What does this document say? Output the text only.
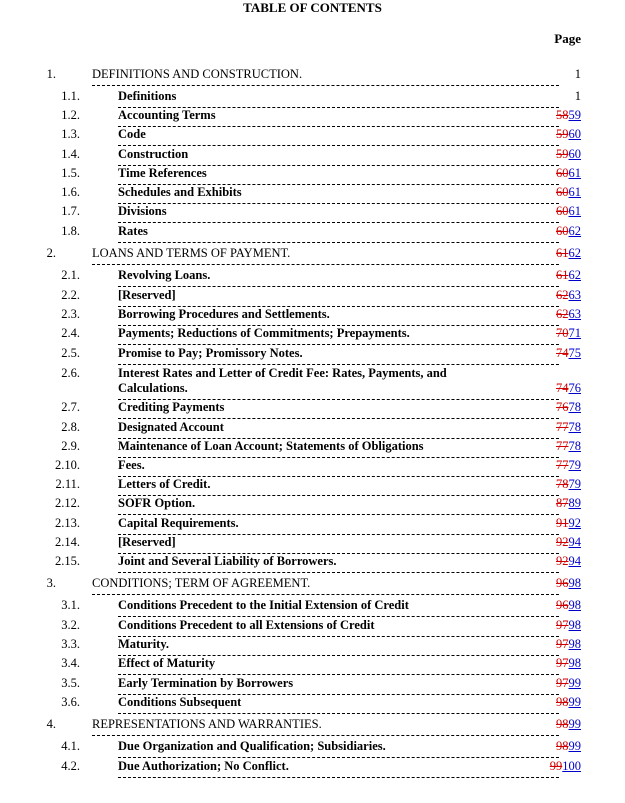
TABLE OF CONTENTS
Page
1.	DEFINITIONS AND CONSTRUCTION.	1
1.1.	Definitions	1
1.2.	Accounting Terms	5859
1.3.	Code	5960
1.4.	Construction	5960
1.5.	Time References	6061
1.6.	Schedules and Exhibits	6061
1.7.	Divisions	6061
1.8.	Rates	6062
2.	LOANS AND TERMS OF PAYMENT.	6162
2.1.	Revolving Loans.	6162
2.2.	[Reserved]	6263
2.3.	Borrowing Procedures and Settlements.	6263
2.4.	Payments; Reductions of Commitments; Prepayments.	7071
2.5.	Promise to Pay; Promissory Notes.	7475
2.6.	Interest Rates and Letter of Credit Fee: Rates, Payments, and Calculations.	7476
2.7.	Crediting Payments	7678
2.8.	Designated Account	7778
2.9.	Maintenance of Loan Account; Statements of Obligations	7778
2.10.	Fees.	7779
2.11.	Letters of Credit.	7879
2.12.	SOFR Option.	8789
2.13.	Capital Requirements.	9192
2.14.	[Reserved]	9294
2.15.	Joint and Several Liability of Borrowers.	9294
3.	CONDITIONS; TERM OF AGREEMENT.	9698
3.1.	Conditions Precedent to the Initial Extension of Credit	9698
3.2.	Conditions Precedent to all Extensions of Credit	9798
3.3.	Maturity.	9798
3.4.	Effect of Maturity	9798
3.5.	Early Termination by Borrowers	9799
3.6.	Conditions Subsequent	9899
4.	REPRESENTATIONS AND WARRANTIES.	9899
4.1.	Due Organization and Qualification; Subsidiaries.	9899
4.2.	Due Authorization; No Conflict.	99100
